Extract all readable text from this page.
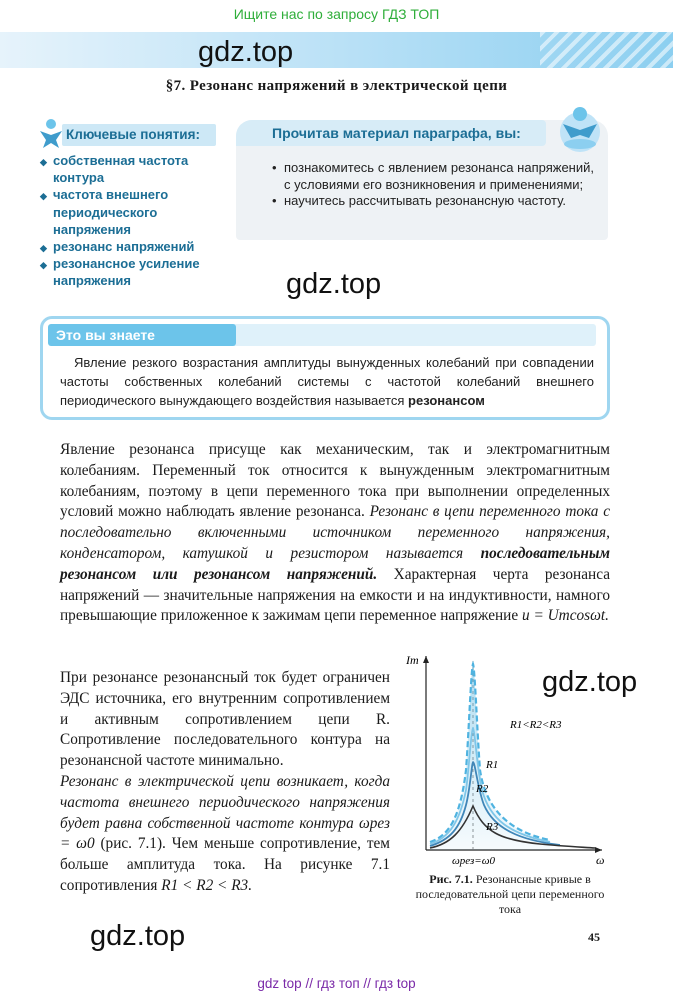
Ищите нас по запросу ГДЗ ТОП
gdz.top
§7. Резонанс напряжений в электрической цепи
Ключевые понятия:
◆ собственная частота
контура
◆ частота внешнего
периодического
напряжения
◆ резонанс напряжений
◆ резонансное усиление
напряжения
Прочитав материал параграфа, вы:
• познакомитесь с явлением резонанса напряжений, с условиями его возникновения и применениями;
• научитесь рассчитывать резонансную частоту.
gdz.top
Это вы знаете
Явление резкого возрастания амплитуды вынужденных колебаний при совпадении частоты собственных колебаний системы с частотой колебаний внешнего периодического вынуждающего воздействия называется резонансом
Явление резонанса присуще как механическим, так и электромагнитным колебаниям. Переменный ток относится к вынужденным электромагнитным колебаниям, поэтому в цепи переменного тока при выполнении определенных условий можно наблюдать явление резонанса. Резонанс в цепи переменного тока с последовательно включенными источником переменного напряжения, конденсатором, катушкой и резистором называется последовательным резонансом или резонансом напряжений. Характерная черта резонанса напряжений — значительные напряжения на емкости и на индуктивности, намного превышающие приложенное к зажимам цепи переменное напряжение u = Umcosωt.
При резонансе резонансный ток будет ограничен ЭДС источника, его внутренним сопротивлением и активным сопротивлением цепи R. Сопротивление последовательного контура на резонансной частоте минимально.
Резонанс в электрической цепи возникает, когда частота внешнего периодического напряжения будет равна собственной частоте контура ωрез = ω0 (рис. 7.1). Чем меньше сопротивление, тем больше амплитуда тока. На рисунке 7.1 сопротивления R1 < R2 < R3.
gdz.top
Im
ω
ωрез=ω0
R1<R2<R3
R1
R2
R3
Рис. 7.1. Резонансные кривые в последовательной цепи переменного тока
gdz.top	45
gdz top // гдз топ // гдз top
